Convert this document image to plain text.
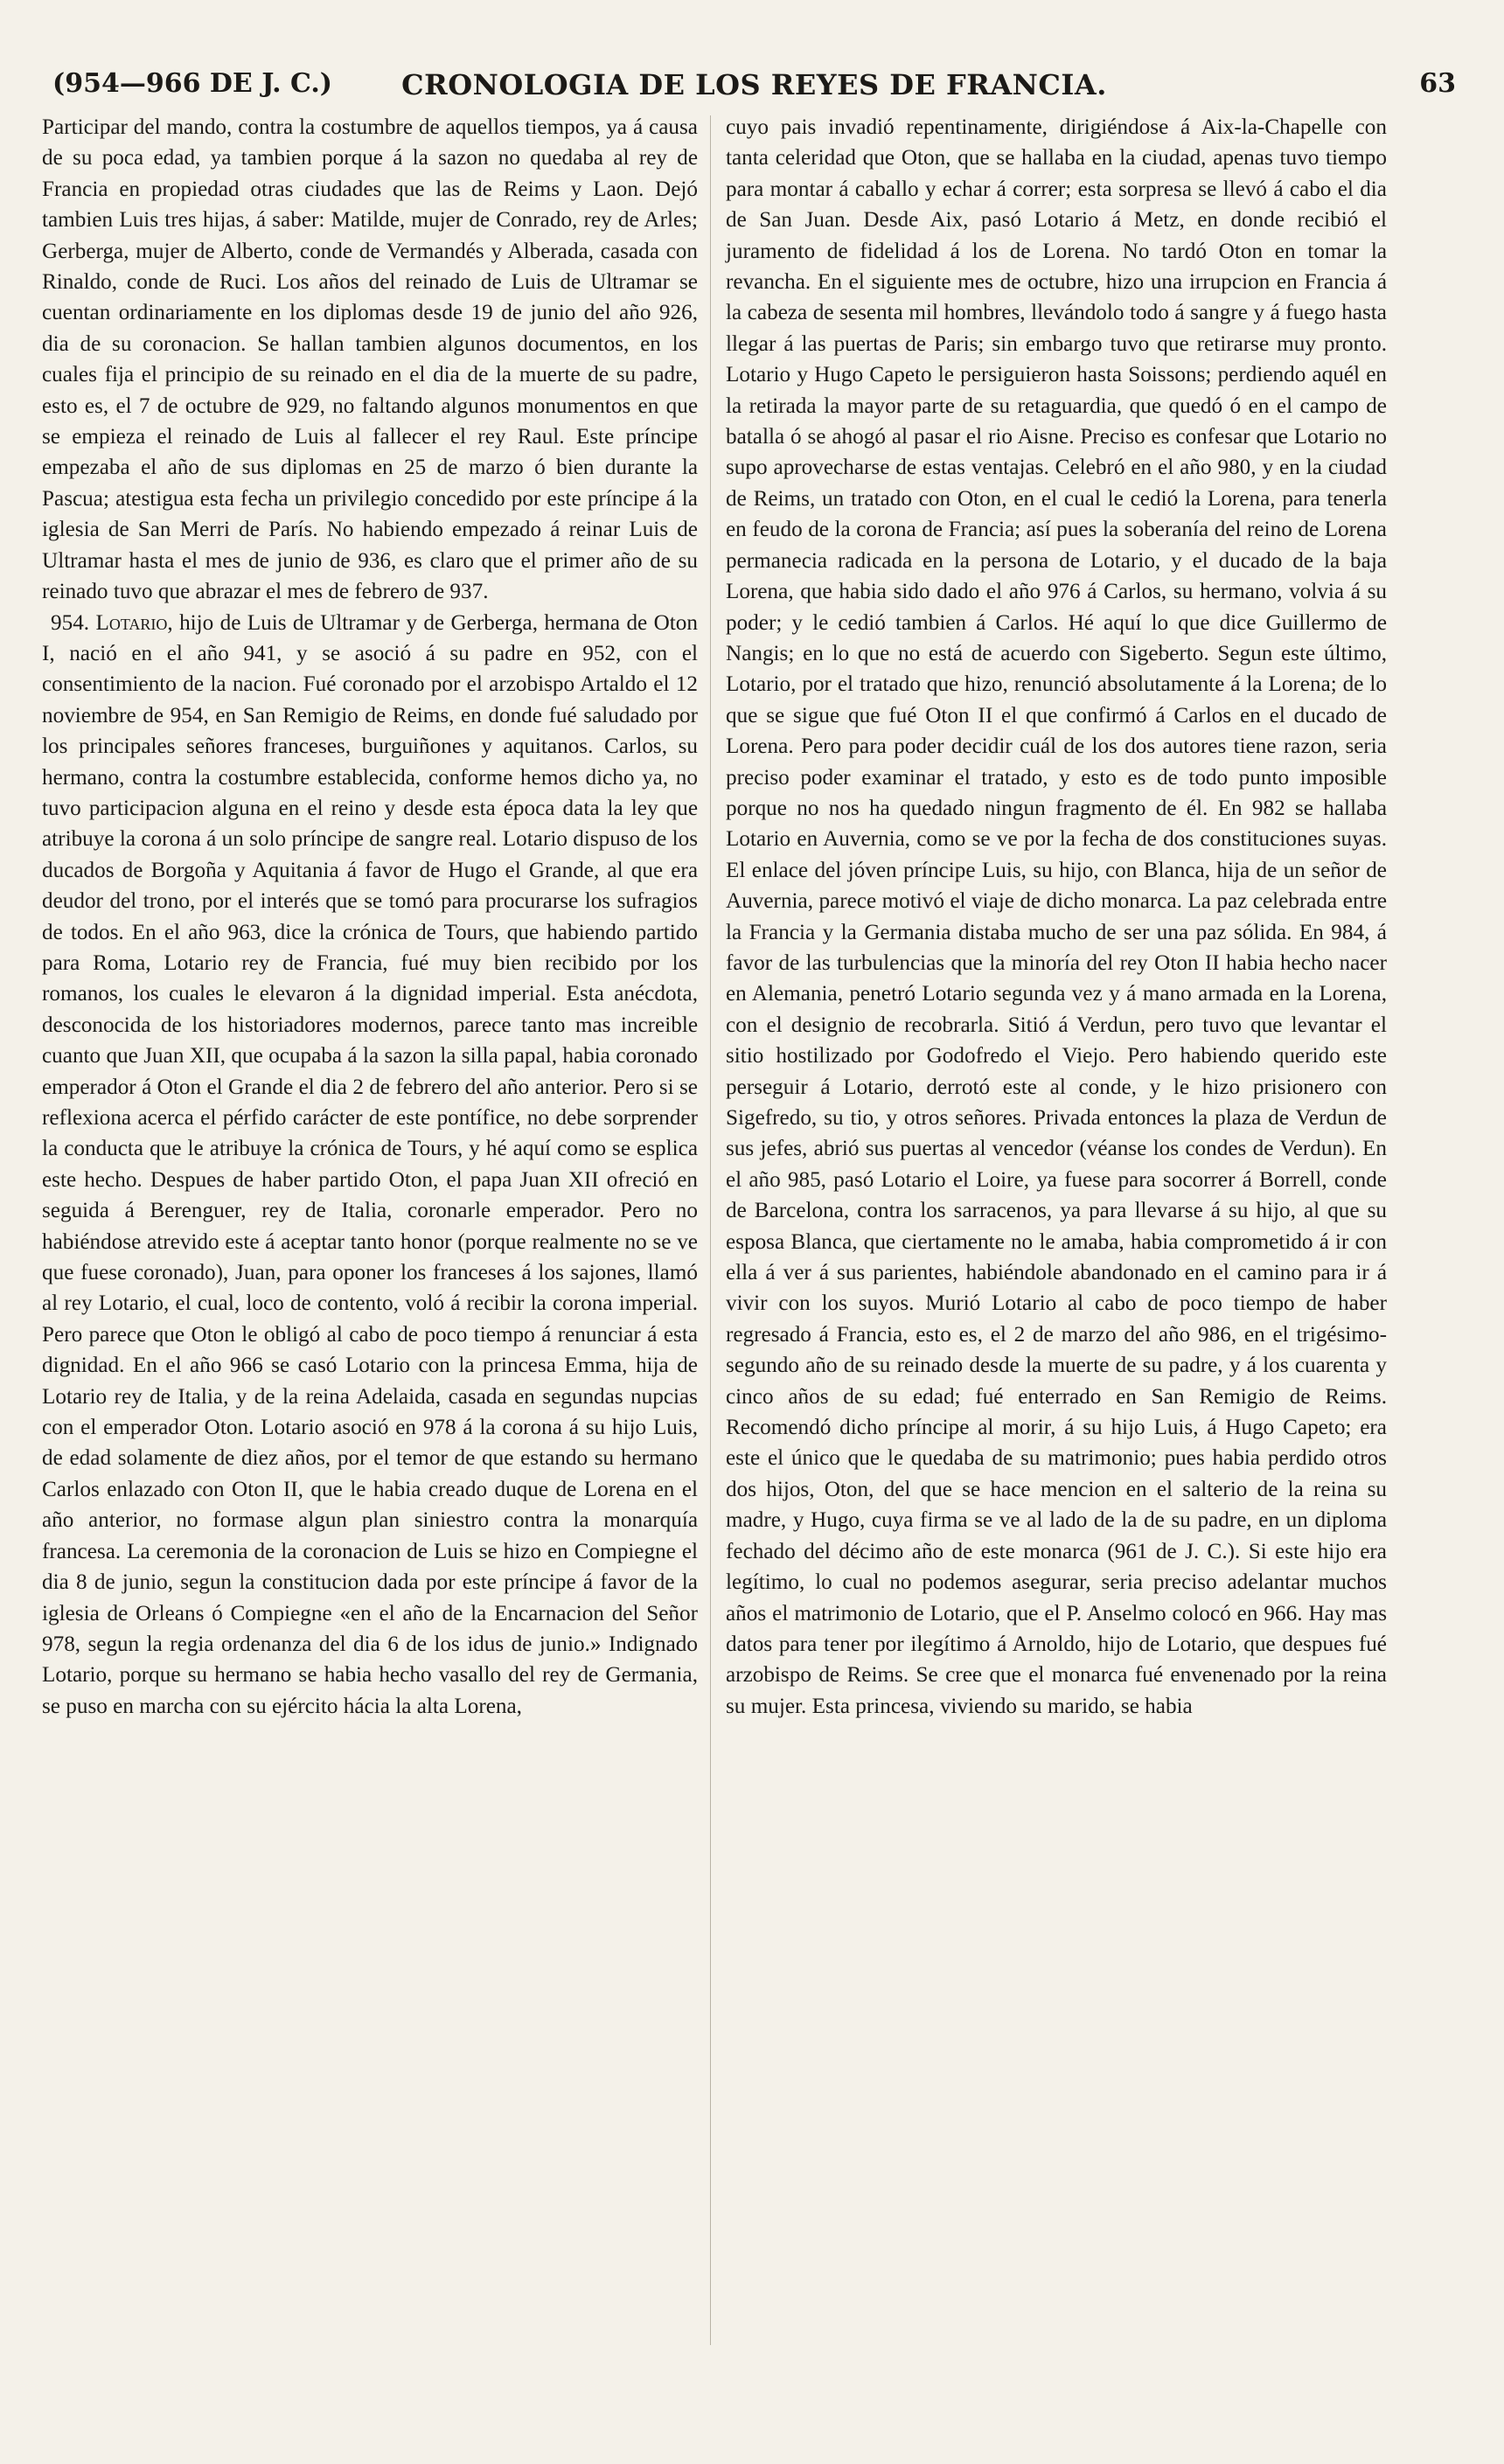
(954—966 DE J. C.)	CRONOLOGIA DE LOS REYES DE FRANCIA.	63

Participar del mando, contra la costumbre de aquellos tiempos, ya á causa de su poca edad, ya tambien porque á la sazon no quedaba al rey de Francia en propiedad otras ciudades que las de Reims y Laon. Dejó tambien Luis tres hijas, á saber: Matilde, mujer de Conrado, rey de Arles; Gerberga, mujer de Alberto, conde de Vermandés y Alberada, casada con Rinaldo, conde de Ruci. Los años del reinado de Luis de Ultramar se cuentan ordinariamente en los diplomas desde 19 de junio del año 926, dia de su coronacion. Se hallan tambien algunos documentos, en los cuales fija el principio de su reinado en el dia de la muerte de su padre, esto es, el 7 de octubre de 929, no faltando algunos monumentos en que se empieza el reinado de Luis al fallecer el rey Raul. Este príncipe empezaba el año de sus diplomas en 25 de marzo ó bien durante la Pascua; atestigua esta fecha un privilegio concedido por este príncipe á la iglesia de San Merri de París. No habiendo empezado á reinar Luis de Ultramar hasta el mes de junio de 936, es claro que el primer año de su reinado tuvo que abrazar el mes de febrero de 937.

954. Lotario, hijo de Luis de Ultramar y de Gerberga, hermana de Oton I, nació en el año 941, y se asoció á su padre en 952, con el consentimiento de la nacion. Fué coronado por el arzobispo Artaldo el 12 noviembre de 954, en San Remigio de Reims, en donde fué saludado por los principales señores franceses, burguiñones y aquitanos. Carlos, su hermano, contra la costumbre establecida, conforme hemos dicho ya, no tuvo participacion alguna en el reino y desde esta época data la ley que atribuye la corona á un solo príncipe de sangre real. Lotario dispuso de los ducados de Borgoña y Aquitania á favor de Hugo el Grande, al que era deudor del trono, por el interés que se tomó para procurarse los sufragios de todos. En el año 963, dice la crónica de Tours, que habiendo partido para Roma, Lotario rey de Francia, fué muy bien recibido por los romanos, los cuales le elevaron á la dignidad imperial. Esta anécdota, desconocida de los historiadores modernos, parece tanto mas increible cuanto que Juan XII, que ocupaba á la sazon la silla papal, habia coronado emperador á Oton el Grande el dia 2 de febrero del año anterior. Pero si se reflexiona acerca el pérfido carácter de este pontífice, no debe sorprender la conducta que le atribuye la crónica de Tours, y hé aquí como se esplica este hecho. Despues de haber partido Oton, el papa Juan XII ofreció en seguida á Berenguer, rey de Italia, coronarle emperador. Pero no habiéndose atrevido este á aceptar tanto honor (porque realmente no se ve que fuese coronado), Juan, para oponer los franceses á los sajones, llamó al rey Lotario, el cual, loco de contento, voló á recibir la corona imperial. Pero parece que Oton le obligó al cabo de poco tiempo á renunciar á esta dignidad. En el año 966 se casó Lotario con la princesa Emma, hija de Lotario rey de Italia, y de la reina Adelaida, casada en segundas nupcias con el emperador Oton. Lotario asoció en 978 á la corona á su hijo Luis, de edad solamente de diez años, por el temor de que estando su hermano Carlos enlazado con Oton II, que le habia creado duque de Lorena en el año anterior, no formase algun plan siniestro contra la monarquía francesa. La ceremonia de la coronacion de Luis se hizo en Compiegne el dia 8 de junio, segun la constitucion dada por este príncipe á favor de la iglesia de Orleans ó Compiegne «en el año de la Encarnacion del Señor 978, segun la regia ordenanza del dia 6 de los idus de junio.» Indignado Lotario, porque su hermano se habia hecho vasallo del rey de Germania, se puso en marcha con su ejército hácia la alta Lorena,

cuyo pais invadió repentinamente, dirigiéndose á Aix-la-Chapelle con tanta celeridad que Oton, que se hallaba en la ciudad, apenas tuvo tiempo para montar á caballo y echar á correr; esta sorpresa se llevó á cabo el dia de San Juan. Desde Aix, pasó Lotario á Metz, en donde recibió el juramento de fidelidad á los de Lorena. No tardó Oton en tomar la revancha. En el siguiente mes de octubre, hizo una irrupcion en Francia á la cabeza de sesenta mil hombres, llevándolo todo á sangre y á fuego hasta llegar á las puertas de Paris; sin embargo tuvo que retirarse muy pronto. Lotario y Hugo Capeto le persiguieron hasta Soissons; perdiendo aquél en la retirada la mayor parte de su retaguardia, que quedó ó en el campo de batalla ó se ahogó al pasar el rio Aisne. Preciso es confesar que Lotario no supo aprovecharse de estas ventajas. Celebró en el año 980, y en la ciudad de Reims, un tratado con Oton, en el cual le cedió la Lorena, para tenerla en feudo de la corona de Francia; así pues la soberanía del reino de Lorena permanecia radicada en la persona de Lotario, y el ducado de la baja Lorena, que habia sido dado el año 976 á Carlos, su hermano, volvia á su poder; y le cedió tambien á Carlos. Hé aquí lo que dice Guillermo de Nangis; en lo que no está de acuerdo con Sigeberto. Segun este último, Lotario, por el tratado que hizo, renunció absolutamente á la Lorena; de lo que se sigue que fué Oton II el que confirmó á Carlos en el ducado de Lorena. Pero para poder decidir cuál de los dos autores tiene razon, seria preciso poder examinar el tratado, y esto es de todo punto imposible porque no nos ha quedado ningun fragmento de él. En 982 se hallaba Lotario en Auvernia, como se ve por la fecha de dos constituciones suyas. El enlace del jóven príncipe Luis, su hijo, con Blanca, hija de un señor de Auvernia, parece motivó el viaje de dicho monarca. La paz celebrada entre la Francia y la Germania distaba mucho de ser una paz sólida. En 984, á favor de las turbulencias que la minoría del rey Oton II habia hecho nacer en Alemania, penetró Lotario segunda vez y á mano armada en la Lorena, con el designio de recobrarla. Sitió á Verdun, pero tuvo que levantar el sitio hostilizado por Godofredo el Viejo. Pero habiendo querido este perseguir á Lotario, derrotó este al conde, y le hizo prisionero con Sigefredo, su tio, y otros señores. Privada entonces la plaza de Verdun de sus jefes, abrió sus puertas al vencedor (véanse los condes de Verdun). En el año 985, pasó Lotario el Loire, ya fuese para socorrer á Borrell, conde de Barcelona, contra los sarracenos, ya para llevarse á su hijo, al que su esposa Blanca, que ciertamente no le amaba, habia comprometido á ir con ella á ver á sus parientes, habiéndole abandonado en el camino para ir á vivir con los suyos. Murió Lotario al cabo de poco tiempo de haber regresado á Francia, esto es, el 2 de marzo del año 986, en el trigésimo-segundo año de su reinado desde la muerte de su padre, y á los cuarenta y cinco años de su edad; fué enterrado en San Remigio de Reims. Recomendó dicho príncipe al morir, á su hijo Luis, á Hugo Capeto; era este el único que le quedaba de su matrimonio; pues habia perdido otros dos hijos, Oton, del que se hace mencion en el salterio de la reina su madre, y Hugo, cuya firma se ve al lado de la de su padre, en un diploma fechado del décimo año de este monarca (961 de J. C.). Si este hijo era legítimo, lo cual no podemos asegurar, seria preciso adelantar muchos años el matrimonio de Lotario, que el P. Anselmo colocó en 966. Hay mas datos para tener por ilegítimo á Arnoldo, hijo de Lotario, que despues fué arzobispo de Reims. Se cree que el monarca fué envenenado por la reina su mujer. Esta princesa, viviendo su marido, se habia
